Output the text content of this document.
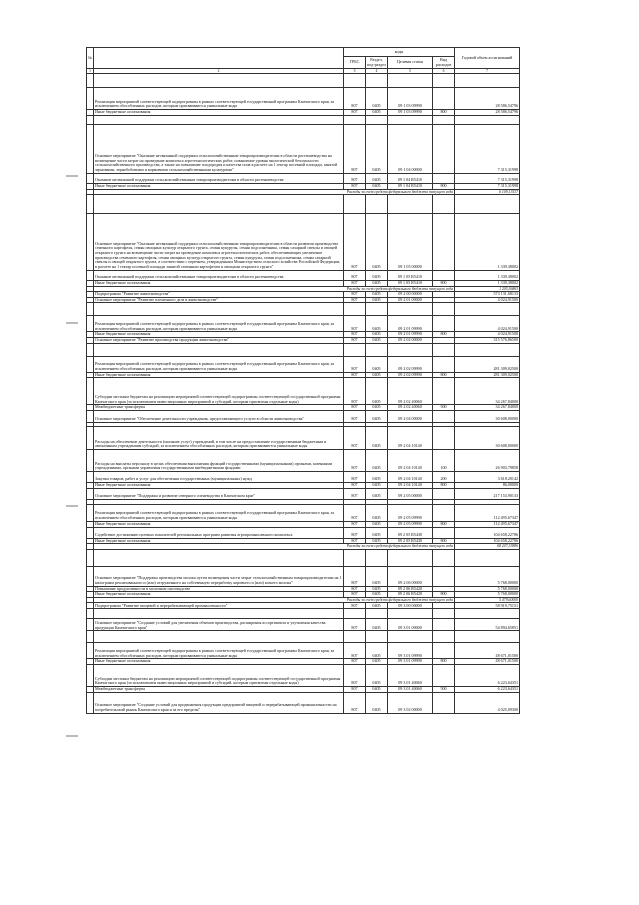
№		коды				Годовой объем ассигнований
		ГРБС	Раздел, под-раздел	Целевая статья	Вид расходов	
1	2	3	4	5	6	7

	Реализация мероприятий соответствующей подпрограммы в рамках соответствующей государственной программы Камчатского края, за исключением обособленных расходов, которым присваиваются уникальные коды	807	0405	09 1 03 09990		28 586,54796
	Иные бюджетные ассигнования	807	0405	09 1 03 09990	800	28 586,54796

	Основное мероприятие "Оказание несвязанной поддержки сельскохозяйственным товаропроизводителям в области растениеводства на возмещение части затрат на проведение комплекса агротехнологических работ, повышение уровня экологической безопасности сельскохозяйственного производства, а также на повышение плодородия и качества почв в расчете на 1 гектар посевной площади, занятой зерновыми, зернобобовыми и кормовыми сельскохозяйственными культурами"	807	0405	09 1 04 00000		7 315,31998
	Оказание несвязанной поддержки сельскохозяйственным товаропроизводителям в области растениеводства	807	0405	09 1 04 R5410		7 315,31998
	Иные бюджетные ассигнования	807	0405	09 1 04 R5410	800	7 315,31998
	Расходы за счет средств федерального бюджета текущего года					6 109,13537

	Основное мероприятие "Оказание несвязанной поддержки сельскохозяйственным товаропроизводителям в области развития производства семенного картофеля, семян овощных культур открытого грунта, семян кукурузы, семян подсолнечника, семян сахарной свеклы и овощей открытого грунта на возмещение части затрат на проведение комплекса агротехнологических работ, обеспечивающих увеличение производства семенного картофеля, семян овощных культур открытого грунта, семян кукурузы, семян подсолнечника, семян сахарной свеклы и овощей открытого грунта, в соответствии с перечнем, утвержденным Министерством сельского хозяйства Российской Федерации, в расчете на 1 гектар посевной площади занятой семенным картофелем и овощами открытого грунта"	807	0405	09 1 05 00000		1 339,38002
	Оказание несвязанной поддержки сельскохозяйственным товаропроизводителям в области растениеводства	807	0405	09 1 05 R5410		1 339,38002
	Иные бюджетные ассигнования	807	0405	09 1 05 R5410	800	1 339,38002
	Расходы за счет средств федерального бюджета текущего года					1 205,36863
	Подпрограмма "Развитие животноводства"	807	0405	09 2 00 00000		573 131,68133
	Основное мероприятие "Развитие племенного дела в животноводстве"	807	0405	09 2 01 00000		4 024,91500

	Реализация мероприятий соответствующей подпрограммы в рамках соответствующей государственной программы Камчатского края, за исключением обособленных расходов, которым присваиваются уникальные коды	807	0405	09 2 01 09990		4 024,91500
	Иные бюджетные ассигнования	807	0405	09 2 01 09990	800	4 024,91500
	Основное мероприятие "Развитие производства продукции животноводства"	807	0405	09 2 02 00000		315 576,86500

	Реализация мероприятий соответствующей подпрограммы в рамках соответствующей государственной программы Камчатского края, за исключением обособленных расходов, которым присваиваются уникальные коды	807	0405	09 2 02 09990		281 309,02500
	Иные бюджетные ассигнования	807	0405	09 2 02 09990	800	281 309,02500
	Субсидии местным бюджетам на реализацию мероприятий соответствующей подпрограммы соответствующей государственной программы Камчатского края (за исключением инвестиционных мероприятий и субсидий, которым присвоены отдельные коды)	807	0405	09 2 02 40060		34 267,84000
	Межбюджетные трансферты	807	0405	09 2 02 40060	500	34 267,84000
	Основное мероприятие "Обеспечение деятельности учреждения, предоставляющего услуги в области животноводства"	807	0405	09 2 04 00000		30 608,00000

	Расходы на обеспечение деятельности (оказание услуг) учреждений, в том числе на предоставление государственным бюджетным и автономным учреждениям субсидий, за исключением обособленных расходов, которым присваиваются уникальные коды	807	0405	09 2 04 10140		30 608,00000
	Расходы на выплаты персоналу в целях обеспечения выполнения функций государственными (муниципальными) органами, казенными учреждениями, органами управления государственными внебюджетными фондами	807	0405	09 2 04 10140	100	26 903,79858
	Закупка товаров, работ и услуг для обеспечения государственных (муниципальных) нужд	807	0405	09 2 04 10140	200	3 618,20142
	Иные бюджетные ассигнования	807	0405	09 2 04 10140	800	86,00000
	Основное мероприятие "Поддержка и развитие северного оленеводства в Камчатском крае"	807	0405	09 2 05 00000		217 153,90133

	Реализация мероприятий соответствующей подпрограммы в рамках соответствующей государственной программы Камчатского края, за исключением обособленных расходов, которым присваиваются уникальные коды	807	0405	09 2 05 09990		112 495,67347
	Иные бюджетные ассигнования	807	0405	09 2 05 09990	800	112 495,67347
	Содействие достижению целевых показателей региональных программ развития агропромышленного комплекса	807	0405	09 2 05 R5430		104 658,22786
	Иные бюджетные ассигнования	807	0405	09 2 05 R5430	800	104 658,22786
	Расходы за счет средств федерального бюджета текущего года					68 207,33886

	Основное мероприятие "Поддержка производства молока путем возмещения части затрат сельскохозяйственным товаропроизводителям на 1 килограмм реализованного и (или) отгруженного на собственную переработку коровьего и (или) козьего молока"	807	0405	09 2 06 00000		5 768,00000
	Повышение продуктивности в молочном скотоводстве	807	0405	09 2 06 R5420		5 768,00000
	Иные бюджетные ассигнования	807	0405	09 2 06 R5420	800	5 768,00000
	Расходы за счет средств федерального бюджета текущего года					5 479,60000
	Подпрограмма "Развитие пищевой и перерабатывающей промышленности"	807	0405	09 3 00 00000		58 919,75151

	Основное мероприятие "Создание условий для увеличения объемов производства, расширения ассортимента и улучшения качества продукции Камчатского края"	807	0405	09 3 01 00000		54 894,65851

	Реализация мероприятий соответствующей подпрограммы в рамках соответствующей государственной программы Камчатского края, за исключением обособленных расходов, которым присваиваются уникальные коды	807	0405	09 3 01 09990		48 671,01500
	Иные бюджетные ассигнования	807	0405	09 3 01 09990	800	48 671,01500
	Субсидии местным бюджетам на реализацию мероприятий соответствующей подпрограммы соответствующей государственной программы Камчатского края (за исключением инвестиционных мероприятий и субсидий, которым присвоены отдельные коды)	807	0405	09 3 01 40060		6 223,64351
	Межбюджетные трансферты	807	0405	09 3 01 40060	500	6 223,64351
	Основное мероприятие "Создание условий для продвижения продукции предприятий пищевой и перерабатывающей промышленности на потребительский рынок Камчатского края и за его пределы"	807	0405	09 3 02 00000		4 025,09300
